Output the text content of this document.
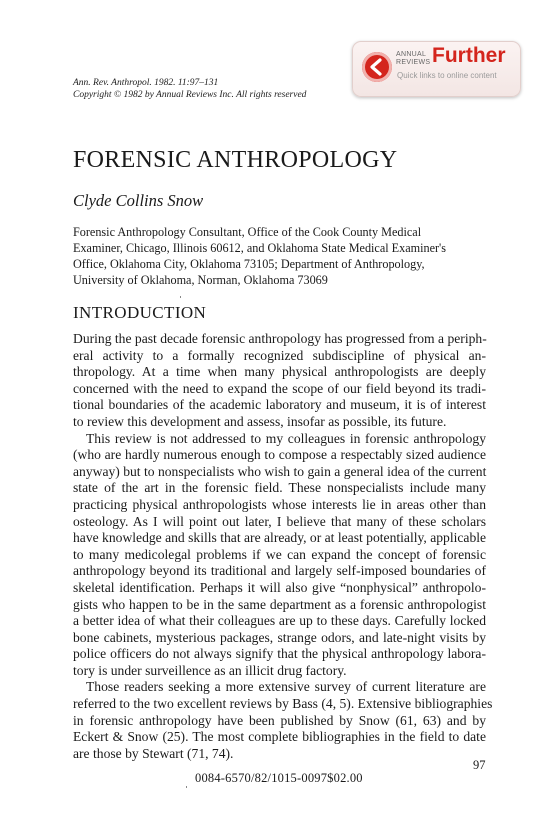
Ann. Rev. Anthropol. 1982. 11:97–131
Copyright © 1982 by Annual Reviews Inc. All rights reserved
ANNUAL
REVIEWS Further
Quick links to online content
FORENSIC ANTHROPOLOGY
Clyde Collins Snow
Forensic Anthropology Consultant, Office of the Cook County Medical
Examiner, Chicago, Illinois 60612, and Oklahoma State Medical Examiner's
Office, Oklahoma City, Oklahoma 73105; Department of Anthropology,
University of Oklahoma, Norman, Oklahoma 73069
INTRODUCTION
During the past decade forensic anthropology has progressed from a periph-
eral activity to a formally recognized subdiscipline of physical an-
thropology. At a time when many physical anthropologists are deeply
concerned with the need to expand the scope of our field beyond its tradi-
tional boundaries of the academic laboratory and museum, it is of interest
to review this development and assess, insofar as possible, its future.
This review is not addressed to my colleagues in forensic anthropology
(who are hardly numerous enough to compose a respectably sized audience
anyway) but to nonspecialists who wish to gain a general idea of the current
state of the art in the forensic field. These nonspecialists include many
practicing physical anthropologists whose interests lie in areas other than
osteology. As I will point out later, I believe that many of these scholars
have knowledge and skills that are already, or at least potentially, applicable
to many medicolegal problems if we can expand the concept of forensic
anthropology beyond its traditional and largely self-imposed boundaries of
skeletal identification. Perhaps it will also give “nonphysical” anthropolo-
gists who happen to be in the same department as a forensic anthropologist
a better idea of what their colleagues are up to these days. Carefully locked
bone cabinets, mysterious packages, strange odors, and late-night visits by
police officers do not always signify that the physical anthropology labora-
tory is under surveillence as an illicit drug factory.
Those readers seeking a more extensive survey of current literature are
referred to the two excellent reviews by Bass (4, 5). Extensive bibliographies
in forensic anthropology have been published by Snow (61, 63) and by
Eckert & Snow (25). The most complete bibliographies in the field to date
are those by Stewart (71, 74).
97
0084-6570/82/1015-0097$02.00
